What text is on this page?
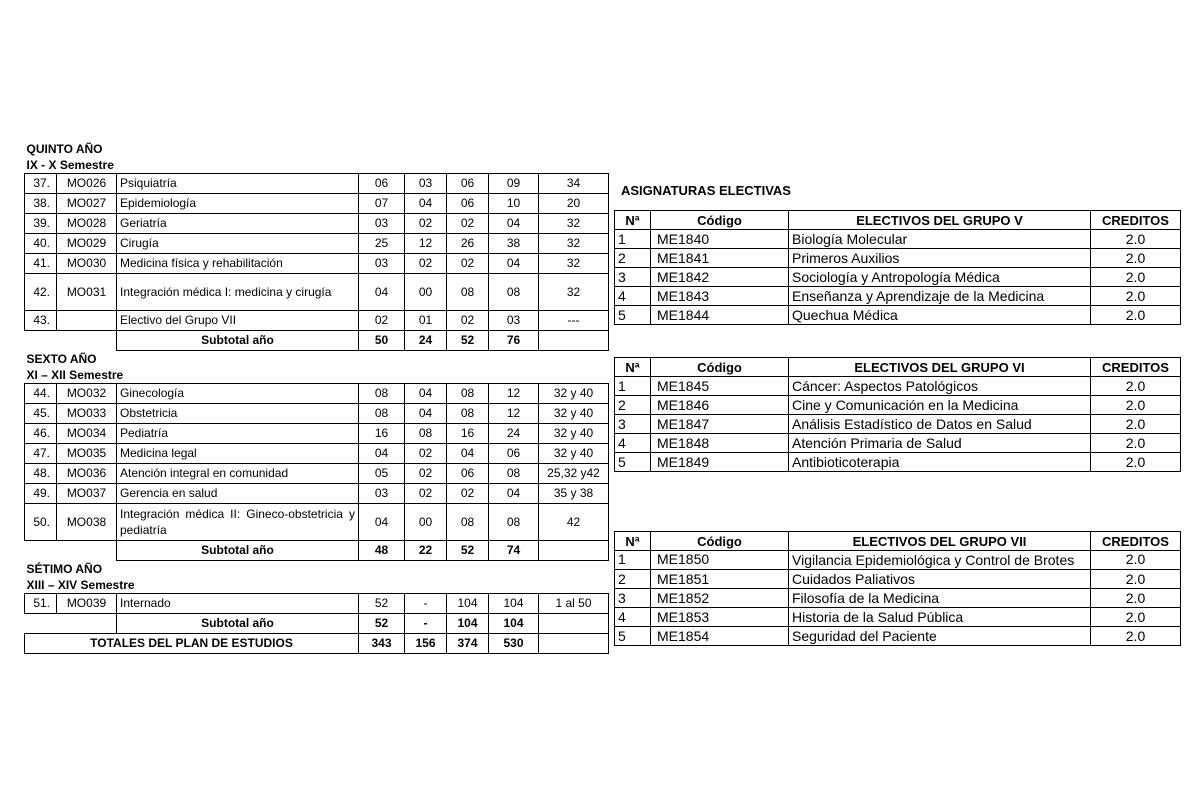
QUINTO AÑO							
IX - X Semestre							
37.	MO026	Psiquiatría	06	03	06	09	34
38.	MO027	Epidemiología	07	04	06	10	20
39.	MO028	Geriatría	03	02	02	04	32
40.	MO029	Cirugía	25	12	26	38	32
41.	MO030	Medicina física y rehabilitación	03	02	02	04	32
42.	MO031	Integración médica I: medicina y cirugía	04	00	08	08	32
43.		Electivo del Grupo VII	02	01	02	03	---
		Subtotal año	50	24	52	76	
SEXTO AÑO							
XI – XII Semestre							
44.	MO032	Ginecología	08	04	08	12	32 y 40
45.	MO033	Obstetricia	08	04	08	12	32 y 40
46.	MO034	Pediatría	16	08	16	24	32 y 40
47.	MO035	Medicina legal	04	02	04	06	32 y 40
48.	MO036	Atención integral en comunidad	05	02	06	08	25,32 y42
49.	MO037	Gerencia en salud	03	02	02	04	35 y 38
50.	MO038	Integración médica II: Gineco-obstetricia y pediatría	04	00	08	08	42
		Subtotal año	48	22	52	74	
SÉTIMO AÑO							
XIII – XIV Semestre							
51.	MO039	Internado	52	-	104	104	1 al 50
		Subtotal año	52	-	104	104	
TOTALES DEL PLAN DE ESTUDIOS			343	156	374	530	
ASIGNATURAS ELECTIVAS
Nª	Código	ELECTIVOS DEL GRUPO V	CREDITOS
1	ME1840	Biología Molecular	2.0
2	ME1841	Primeros Auxilios	2.0
3	ME1842	Sociología y Antropología Médica	2.0
4	ME1843	Enseñanza y Aprendizaje de la Medicina	2.0
5	ME1844	Quechua Médica	2.0
Nª	Código	ELECTIVOS DEL GRUPO VI	CREDITOS
1	ME1845	Cáncer: Aspectos Patológicos	2.0
2	ME1846	Cine y Comunicación en la Medicina	2.0
3	ME1847	Análisis Estadístico de Datos en Salud	2.0
4	ME1848	Atención Primaria de Salud	2.0
5	ME1849	Antibioticoterapia	2.0
Nª	Código	ELECTIVOS DEL GRUPO VII	CREDITOS
1	ME1850	Vigilancia Epidemiológica y Control de Brotes	2.0
2	ME1851	Cuidados Paliativos	2.0
3	ME1852	Filosofía de la Medicina	2.0
4	ME1853	Historia de la Salud Pública	2.0
5	ME1854	Seguridad del Paciente	2.0
